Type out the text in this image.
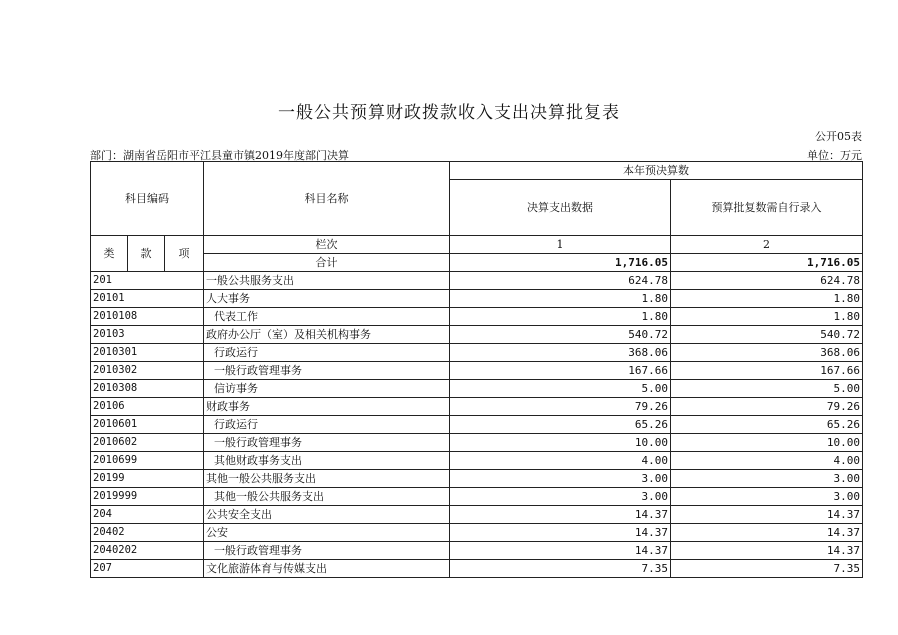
一般公共预算财政拨款收入支出决算批复表
公开05表
部门：湖南省岳阳市平江县童市镇2019年度部门决算	单位：万元
科目编码			科目名称	本年预决算数	
				决算支出数据	预算批复数需自行录入

类	款	项	栏次	1	2
			合计	1,716.05	1,716.05
201			一般公共服务支出	624.78	624.78
20101			人大事务	1.80	1.80
2010108			代表工作	1.80	1.80
20103			政府办公厅（室）及相关机构事务	540.72	540.72
2010301			行政运行	368.06	368.06
2010302			一般行政管理事务	167.66	167.66
2010308			信访事务	5.00	5.00
20106			财政事务	79.26	79.26
2010601			行政运行	65.26	65.26
2010602			一般行政管理事务	10.00	10.00
2010699			其他财政事务支出	4.00	4.00
20199			其他一般公共服务支出	3.00	3.00
2019999			其他一般公共服务支出	3.00	3.00
204			公共安全支出	14.37	14.37
20402			公安	14.37	14.37
2040202			一般行政管理事务	14.37	14.37
207			文化旅游体育与传媒支出	7.35	7.35
